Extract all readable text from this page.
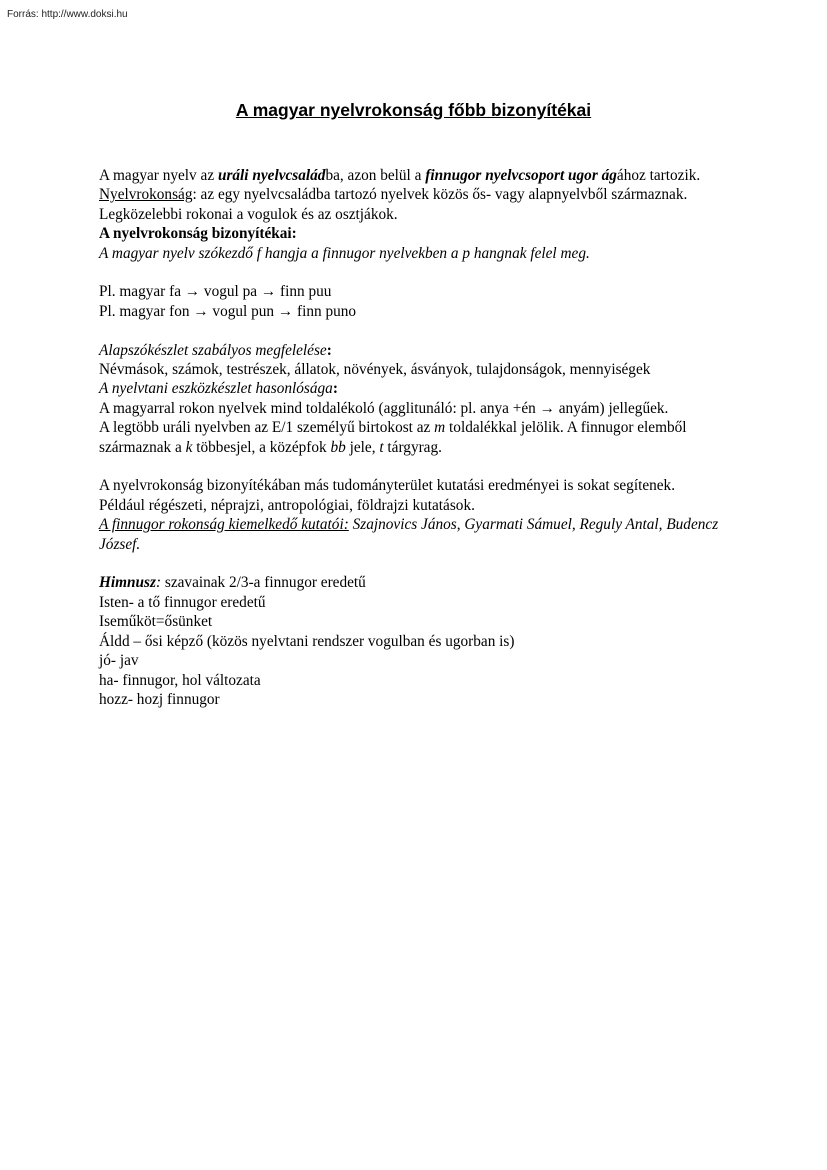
Forrás: http://www.doksi.hu
A magyar nyelvrokonság főbb bizonyítékai

A magyar nyelv az uráli nyelvcsaládba, azon belül a finnugor nyelvcsoport ugor ágához tartozik.

Nyelvrokonság: az egy nyelvcsaládba tartozó nyelvek közös ős- vagy alapnyelvből származnak.

Legközelebbi rokonai a vogulok és az osztjákok.

A nyelvrokonság bizonyítékai:

A magyar nyelv szókezdő f hangja a finnugor nyelvekben a p hangnak felel meg.

Pl. magyar fa → vogul pa → finn puu

Pl. magyar fon → vogul pun → finn puno

Alapszókészlet szabályos megfelelése:

Névmások, számok, testrészek, állatok, növények, ásványok, tulajdonságok, mennyiségek

A nyelvtani eszközkészlet hasonlósága:

A magyarral rokon nyelvek mind toldalékoló (agglitunáló: pl. anya +én → anyám) jellegűek.

A legtöbb uráli nyelvben az E/1 személyű birtokost az m toldalékkal jelölik. A finnugor elemből származnak a k többesjel, a középfok bb jele, t tárgyrag.

A nyelvrokonság bizonyítékában más tudományterület kutatási eredményei is sokat segítenek.

Például régészeti, néprajzi, antropológiai, földrajzi kutatások.

A finnugor rokonság kiemelkedő kutatói: Szajnovics János, Gyarmati Sámuel, Reguly Antal, Budencz József.

Himnusz: szavainak 2/3-a finnugor eredetű

Isten- a tő finnugor eredetű

Iseműköt=ősünket

Áldd – ősi képző (közös nyelvtani rendszer vogulban és ugorban is)

jó- jav

ha- finnugor, hol változata

hozz- hozj finnugor
